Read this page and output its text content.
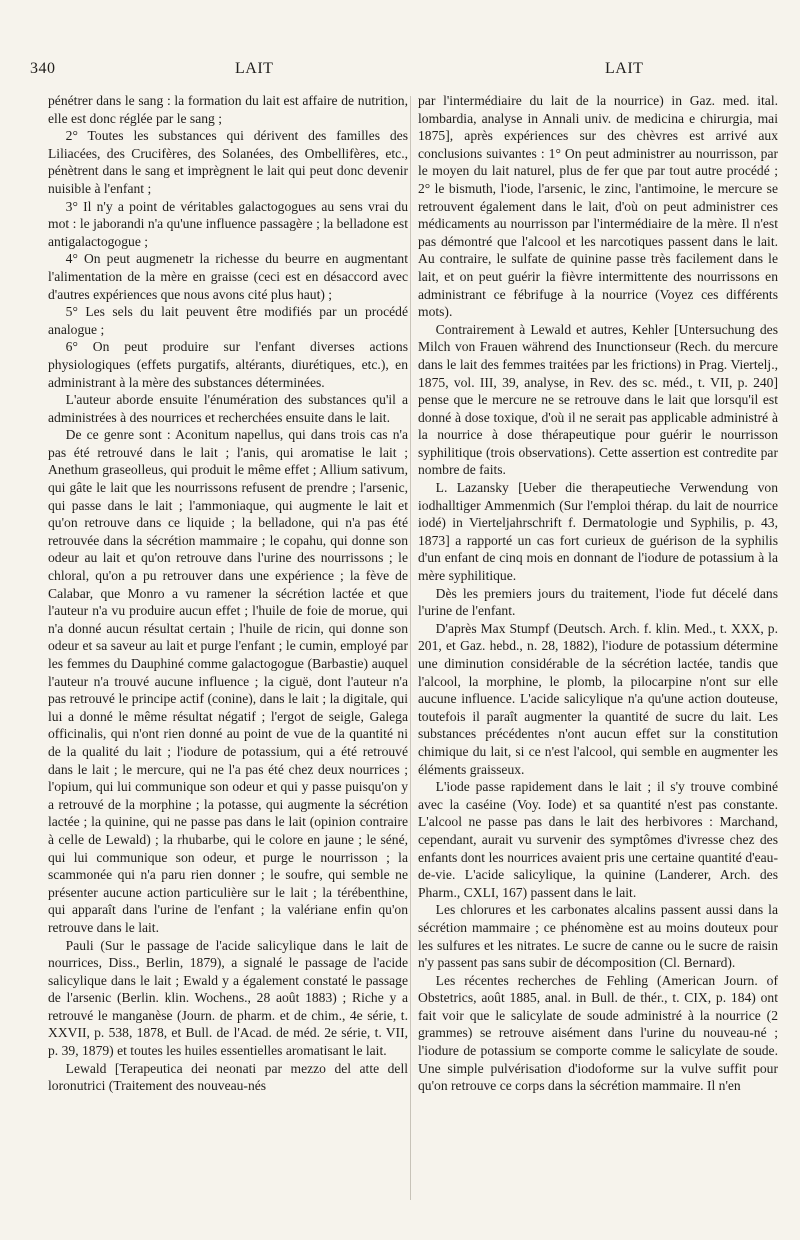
340	LAIT	LAIT

pénétrer dans le sang : la formation du lait est affaire de nutrition, elle est donc réglée par le sang ;

2° Toutes les substances qui dérivent des familles des Liliacées, des Crucifères, des Solanées, des Ombellifères, etc., pénètrent dans le sang et imprègnent le lait qui peut donc devenir nuisible à l'enfant ;

3° Il n'y a point de véritables galactogogues au sens vrai du mot : le jaborandi n'a qu'une influence passagère ; la belladone est antigalactogogue ;

4° On peut augmenetr la richesse du beurre en augmentant l'alimentation de la mère en graisse (ceci est en désaccord avec d'autres expériences que nous avons cité plus haut) ;

5° Les sels du lait peuvent être modifiés par un procédé analogue ;

6° On peut produire sur l'enfant diverses actions physiologiques (effets purgatifs, altérants, diurétiques, etc.), en administrant à la mère des substances déterminées.

L'auteur aborde ensuite l'énumération des substances qu'il a administrées à des nourrices et recherchées ensuite dans le lait.

De ce genre sont : Aconitum napellus, qui dans trois cas n'a pas été retrouvé dans le lait ; l'anis, qui aromatise le lait ; Anethum graseolleus, qui produit le même effet ; Allium sativum, qui gâte le lait que les nourrissons refusent de prendre ; l'arsenic, qui passe dans le lait ; l'ammoniaque, qui augmente le lait et qu'on retrouve dans ce liquide ; la belladone, qui n'a pas été retrouvée dans la sécrétion mammaire ; le copahu, qui donne son odeur au lait et qu'on retrouve dans l'urine des nourrissons ; le chloral, qu'on a pu retrouver dans une expérience ; la fève de Calabar, que Monro a vu ramener la sécrétion lactée et que l'auteur n'a vu produire aucun effet ; l'huile de foie de morue, qui n'a donné aucun résultat certain ; l'huile de ricin, qui donne son odeur et sa saveur au lait et purge l'enfant ; le cumin, employé par les femmes du Dauphiné comme galactogogue (Barbastie) auquel l'auteur n'a trouvé aucune influence ; la ciguë, dont l'auteur n'a pas retrouvé le principe actif (conine), dans le lait ; la digitale, qui lui a donné le même résultat négatif ; l'ergot de seigle, Galega officinalis, qui n'ont rien donné au point de vue de la quantité ni de la qualité du lait ; l'iodure de potassium, qui a été retrouvé dans le lait ; le mercure, qui ne l'a pas été chez deux nourrices ; l'opium, qui lui communique son odeur et qui y passe puisqu'on y a retrouvé de la morphine ; la potasse, qui augmente la sécrétion lactée ; la quinine, qui ne passe pas dans le lait (opinion contraire à celle de Lewald) ; la rhubarbe, qui le colore en jaune ; le séné, qui lui communique son odeur, et purge le nourrisson ; la scammonée qui n'a paru rien donner ; le soufre, qui semble ne présenter aucune action particulière sur le lait ; la térébenthine, qui apparaît dans l'urine de l'enfant ; la valériane enfin qu'on retrouve dans le lait.

Pauli (Sur le passage de l'acide salicylique dans le lait de nourrices, Diss., Berlin, 1879), a signalé le passage de l'acide salicylique dans le lait ; Ewald y a également constaté le passage de l'arsenic (Berlin. klin. Wochens., 28 août 1883) ; Riche y a retrouvé le manganèse (Journ. de pharm. et de chim., 4e série, t. XXVII, p. 538, 1878, et Bull. de l'Acad. de méd. 2e série, t. VII, p. 39, 1879) et toutes les huiles essentielles aromatisant le lait.

Lewald [Terapeutica dei neonati par mezzo del atte dell loronutrici (Traitement des nouveau-nés

par l'intermédiaire du lait de la nourrice) in Gaz. med. ital. lombardia, analyse in Annali univ. de medicina e chirurgia, mai 1875], après expériences sur des chèvres est arrivé aux conclusions suivantes : 1° On peut administrer au nourrisson, par le moyen du lait naturel, plus de fer que par tout autre procédé ; 2° le bismuth, l'iode, l'arsenic, le zinc, l'antimoine, le mercure se retrouvent également dans le lait, d'où on peut administrer ces médicaments au nourrisson par l'intermédiaire de la mère. Il n'est pas démontré que l'alcool et les narcotiques passent dans le lait. Au contraire, le sulfate de quinine passe très facilement dans le lait, et on peut guérir la fièvre intermittente des nourrissons en administrant ce fébrifuge à la nourrice (Voyez ces différents mots).

Contrairement à Lewald et autres, Kehler [Untersuchung des Milch von Frauen während des Inunctionseur (Rech. du mercure dans le lait des femmes traitées par les frictions) in Prag. Viertelj., 1875, vol. III, 39, analyse, in Rev. des sc. méd., t. VII, p. 240] pense que le mercure ne se retrouve dans le lait que lorsqu'il est donné à dose toxique, d'où il ne serait pas applicable administré à la nourrice à dose thérapeutique pour guérir le nourrisson syphilitique (trois observations). Cette assertion est contredite par nombre de faits.

L. Lazansky [Ueber die therapeutieche Verwendung von iodhalltiger Ammenmich (Sur l'emploi thérap. du lait de nourrice iodé) in Vierteljahrschrift f. Dermatologie und Syphilis, p. 43, 1873] a rapporté un cas fort curieux de guérison de la syphilis d'un enfant de cinq mois en donnant de l'iodure de potassium à la mère syphilitique.

Dès les premiers jours du traitement, l'iode fut décelé dans l'urine de l'enfant.

D'après Max Stumpf (Deutsch. Arch. f. klin. Med., t. XXX, p. 201, et Gaz. hebd., n. 28, 1882), l'iodure de potassium détermine une diminution considérable de la sécrétion lactée, tandis que l'alcool, la morphine, le plomb, la pilocarpine n'ont sur elle aucune influence. L'acide salicylique n'a qu'une action douteuse, toutefois il paraît augmenter la quantité de sucre du lait. Les substances précédentes n'ont aucun effet sur la constitution chimique du lait, si ce n'est l'alcool, qui semble en augmenter les éléments graisseux.

L'iode passe rapidement dans le lait ; il s'y trouve combiné avec la caséine (Voy. Iode) et sa quantité n'est pas constante. L'alcool ne passe pas dans le lait des herbivores : Marchand, cependant, aurait vu survenir des symptômes d'ivresse chez des enfants dont les nourrices avaient pris une certaine quantité d'eau-de-vie. L'acide salicylique, la quinine (Landerer, Arch. des Pharm., CXLI, 167) passent dans le lait.

Les chlorures et les carbonates alcalins passent aussi dans la sécrétion mammaire ; ce phénomène est au moins douteux pour les sulfures et les nitrates. Le sucre de canne ou le sucre de raisin n'y passent pas sans subir de décomposition (Cl. Bernard).

Les récentes recherches de Fehling (American Journ. of Obstetrics, août 1885, anal. in Bull. de thér., t. CIX, p. 184) ont fait voir que le salicylate de soude administré à la nourrice (2 grammes) se retrouve aisément dans l'urine du nouveau-né ; l'iodure de potassium se comporte comme le salicylate de soude. Une simple pulvérisation d'iodoforme sur la vulve suffit pour qu'on retrouve ce corps dans la sécrétion mammaire. Il n'en
